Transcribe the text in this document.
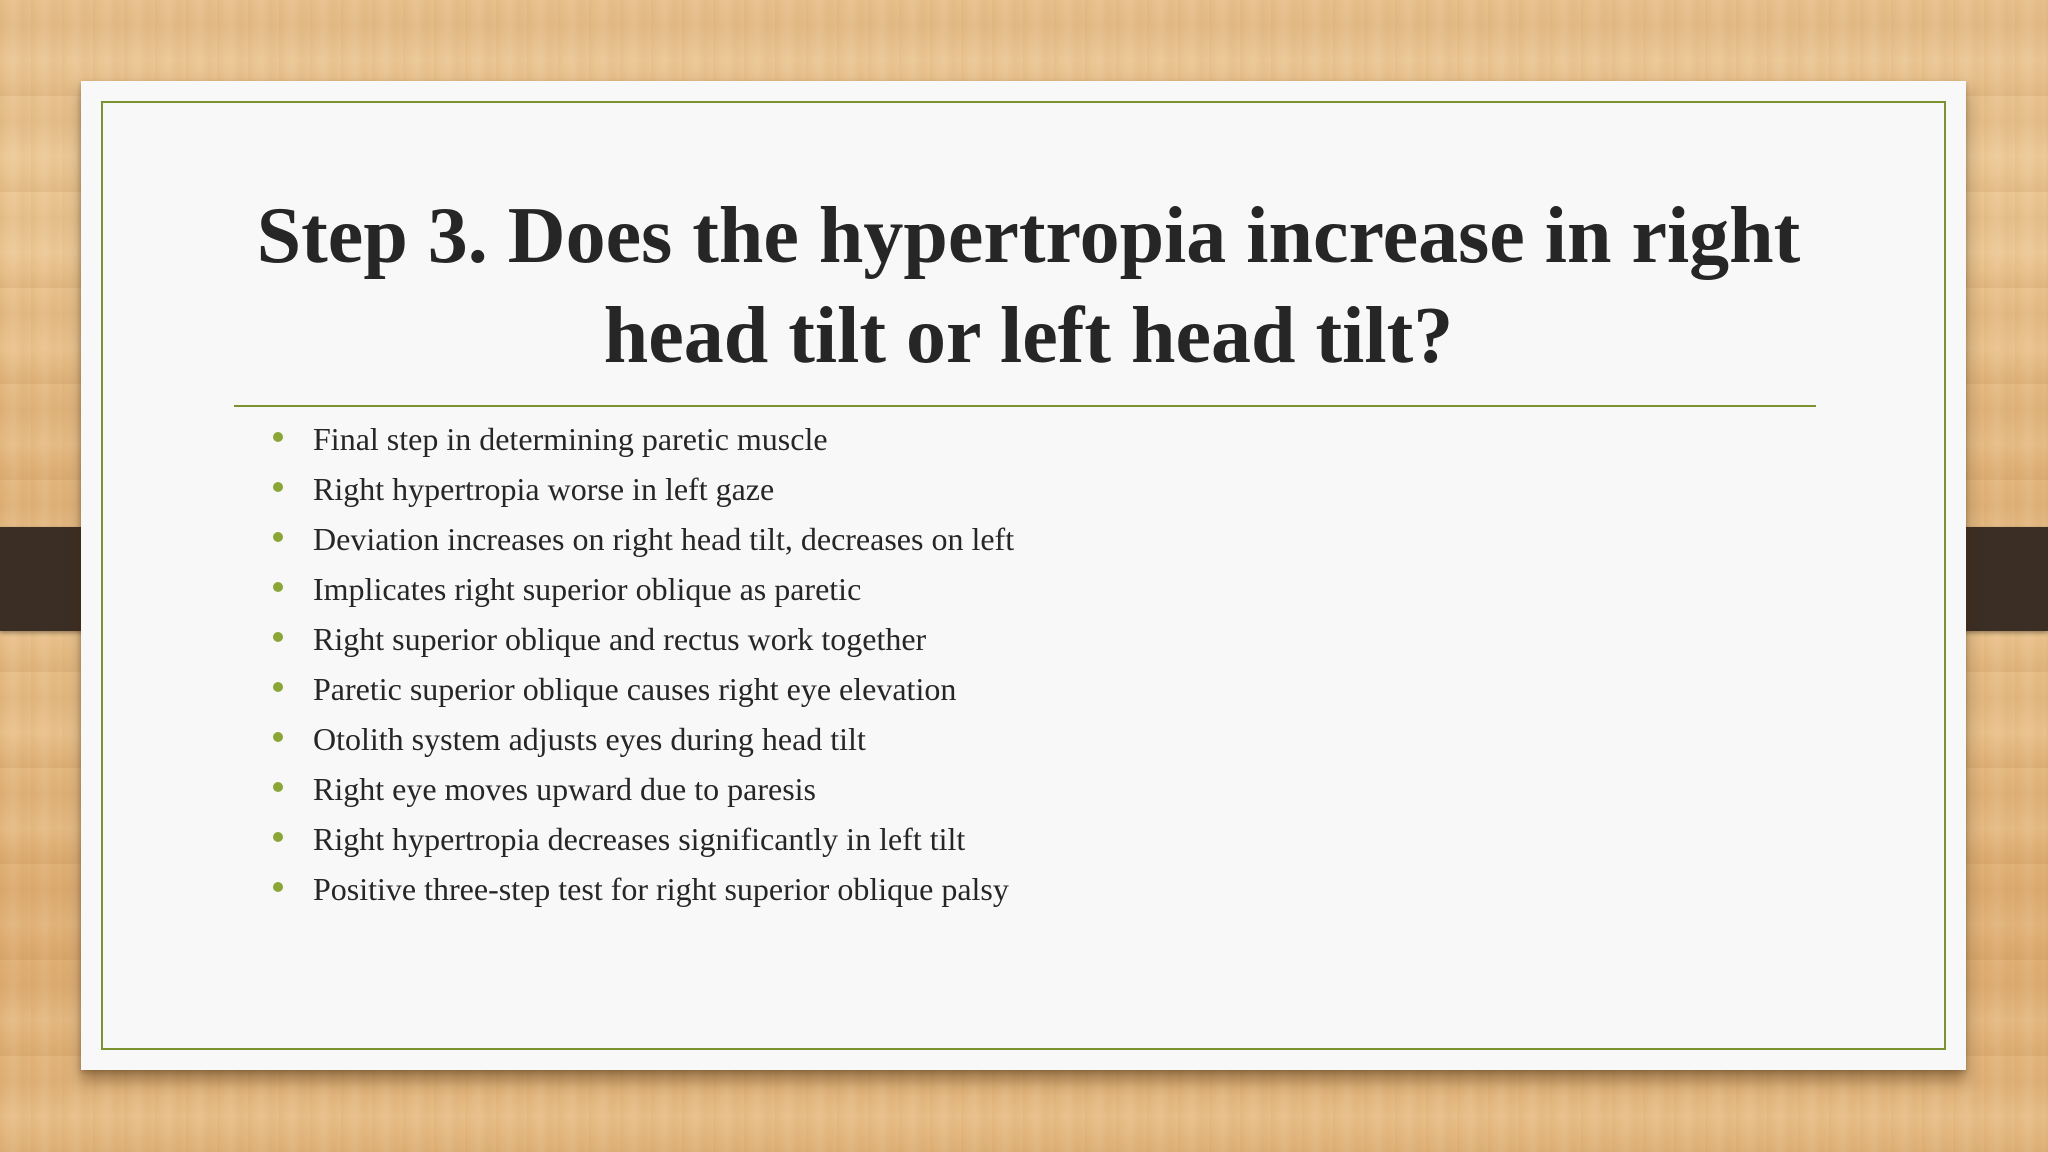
Step 3. Does the hypertropia increase in right head tilt or left head tilt?
Final step in determining paretic muscle
Right hypertropia worse in left gaze
Deviation increases on right head tilt, decreases on left
Implicates right superior oblique as paretic
Right superior oblique and rectus work together
Paretic superior oblique causes right eye elevation
Otolith system adjusts eyes during head tilt
Right eye moves upward due to paresis
Right hypertropia decreases significantly in left tilt
Positive three-step test for right superior oblique palsy
